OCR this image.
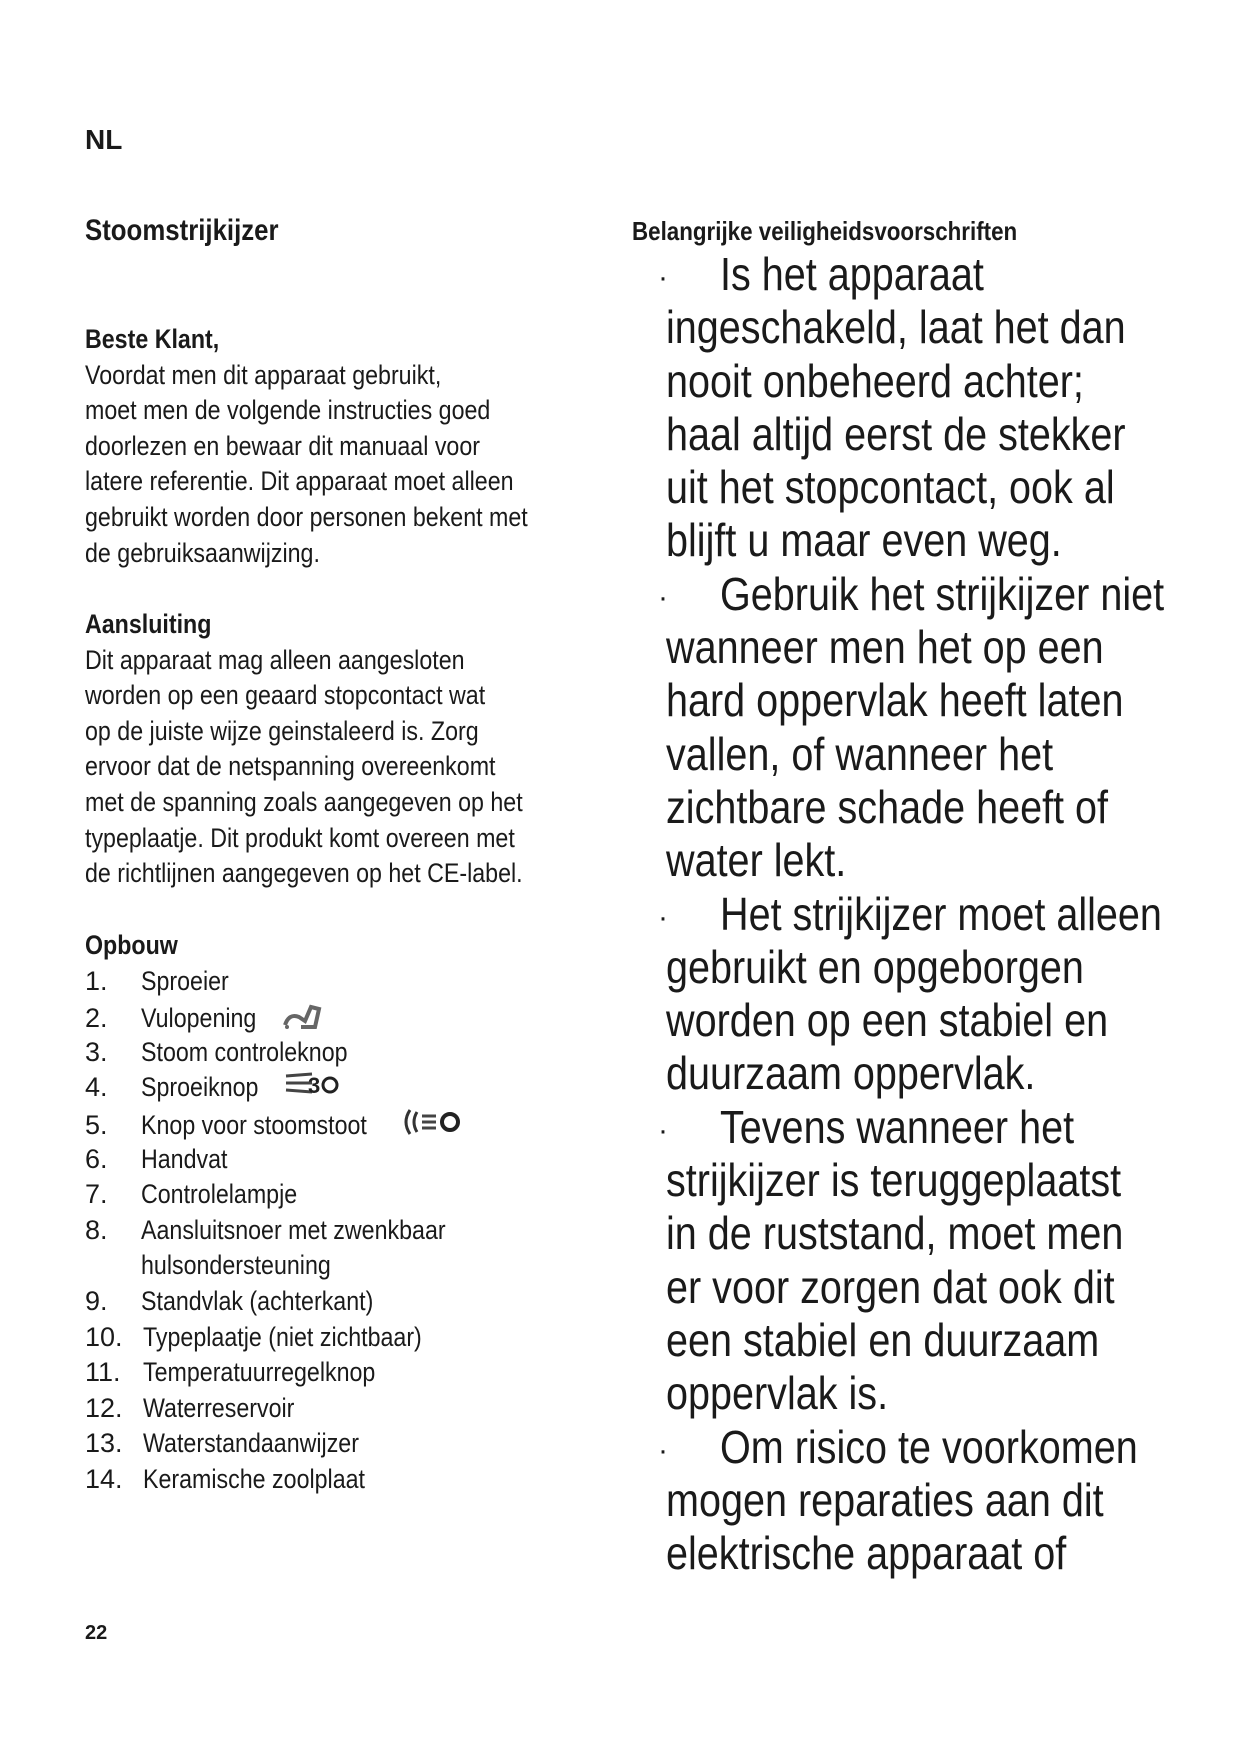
NL
Stoomstrijkijzer
Beste Klant,
Voordat men dit apparaat gebruikt,
moet men de volgende instructies goed
doorlezen en bewaar dit manuaal voor
latere referentie. Dit apparaat moet alleen
gebruikt worden door personen bekent met
de gebruiksaanwijzing.
Aansluiting
Dit apparaat mag alleen aangesloten
worden op een geaard stopcontact wat
op de juiste wijze geinstaleerd is. Zorg
ervoor dat de netspanning overeenkomt
met de spanning zoals aangegeven op het
typeplaatje. Dit produkt komt overeen met
de richtlijnen aangegeven op het CE-label.
Opbouw
1. Sproeier
2. Vulopening
3. Stoom controleknop
4. Sproeiknop 3
5. Knop voor stoomstoot
6. Handvat
7. Controlelampje
8. Aansluitsnoer met zwenkbaar
hulsondersteuning
9. Standvlak (achterkant)
10. Typeplaatje (niet zichtbaar)
11. Temperatuurregelknop
12. Waterreservoir
13. Waterstandaanwijzer
14. Keramische zoolplaat
Belangrijke veiligheidsvoorschriften
· Is het apparaat
ingeschakeld, laat het dan
nooit onbeheerd achter;
haal altijd eerst de stekker
uit het stopcontact, ook al
blijft u maar even weg.
· Gebruik het strijkijzer niet
wanneer men het op een
hard oppervlak heeft laten
vallen, of wanneer het
zichtbare schade heeft of
water lekt.
· Het strijkijzer moet alleen
gebruikt en opgeborgen
worden op een stabiel en
duurzaam oppervlak.
· Tevens wanneer het
strijkijzer is teruggeplaatst
in de ruststand, moet men
er voor zorgen dat ook dit
een stabiel en duurzaam
oppervlak is.
· Om risico te voorkomen
mogen reparaties aan dit
elektrische apparaat of
22
